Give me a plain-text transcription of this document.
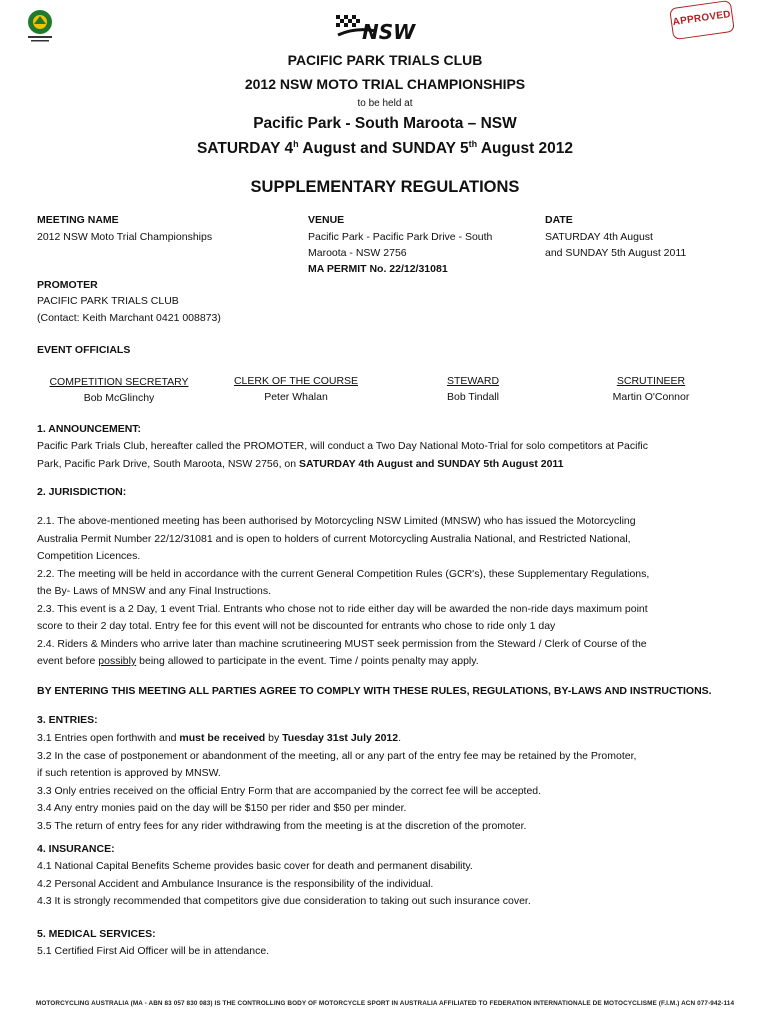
NSW
APPROVED
PACIFIC PARK TRIALS CLUB
2012 NSW MOTO TRIAL CHAMPIONSHIPS
to be held at
Pacific Park - South Maroota – NSW
SATURDAY 4$^h$ August and SUNDAY 5th August 2012
SUPPLEMENTARY REGULATIONS
MEETING NAME
2012 NSW Moto Trial Championships
VENUE
Pacific Park - Pacific Park Drive - South
Maroota - NSW 2756
MA PERMIT No. 22/12/31081
DATE
SATURDAY 4th August
and SUNDAY 5th August 2011
PROMOTER
PACIFIC PARK TRIALS CLUB
(Contact: Keith Marchant 0421 008873)
EVENT OFFICIALS
COMPETITION SECRETARY
Bob McGlinchy
CLERK OF THE COURSE
Peter Whalan
STEWARD
Bob Tindall
SCRUTINEER
Martin O'Connor
1. ANNOUNCEMENT:
Pacific Park Trials Club, hereafter called the PROMOTER, will conduct a Two Day National Moto-Trial for solo competitors at Pacific
Park, Pacific Park Drive, South Maroota, NSW 2756, on SATURDAY 4th August and SUNDAY 5th August 2011
2. JURISDICTION:
2.1. The above-mentioned meeting has been authorised by Motorcycling NSW Limited (MNSW) who has issued the Motorcycling
Australia Permit Number 22/12/31081 and is open to holders of current Motorcycling Australia National, and Restricted National,
Competition Licences.
2.2. The meeting will be held in accordance with the current General Competition Rules (GCR's), these Supplementary Regulations,
the By- Laws of MNSW and any Final Instructions.
2.3. This event is a 2 Day, 1 event Trial. Entrants who chose not to ride either day will be awarded the non-ride days maximum point
score to their 2 day total. Entry fee for this event will not be discounted for entrants who chose to ride only 1 day
2.4. Riders & Minders who arrive later than machine scrutineering MUST seek permission from the Steward / Clerk of Course of the
event before possibly being allowed to participate in the event. Time / points penalty may apply.
BY ENTERING THIS MEETING ALL PARTIES AGREE TO COMPLY WITH THESE RULES, REGULATIONS, BY-LAWS AND INSTRUCTIONS.
3. ENTRIES:
3.1 Entries open forthwith and must be received by Tuesday 31st July 2012.
3.2 In the case of postponement or abandonment of the meeting, all or any part of the entry fee may be retained by the Promoter,
if such retention is approved by MNSW.
3.3 Only entries received on the official Entry Form that are accompanied by the correct fee will be accepted.
3.4 Any entry monies paid on the day will be $150 per rider and $50 per minder.
3.5 The return of entry fees for any rider withdrawing from the meeting is at the discretion of the promoter.
4. INSURANCE:
4.1 National Capital Benefits Scheme provides basic cover for death and permanent disability.
4.2 Personal Accident and Ambulance Insurance is the responsibility of the individual.
4.3 It is strongly recommended that competitors give due consideration to taking out such insurance cover.
5. MEDICAL SERVICES:
5.1 Certified First Aid Officer will be in attendance.
MOTORCYCLING AUSTRALIA (MA - ABN 83 057 830 083) IS THE CONTROLLING BODY OF MOTORCYCLE SPORT IN AUSTRALIA AFFILIATED TO FEDERATION INTERNATIONALE DE MOTOCYCLISME (F.I.M.) ACN 077-942-114
